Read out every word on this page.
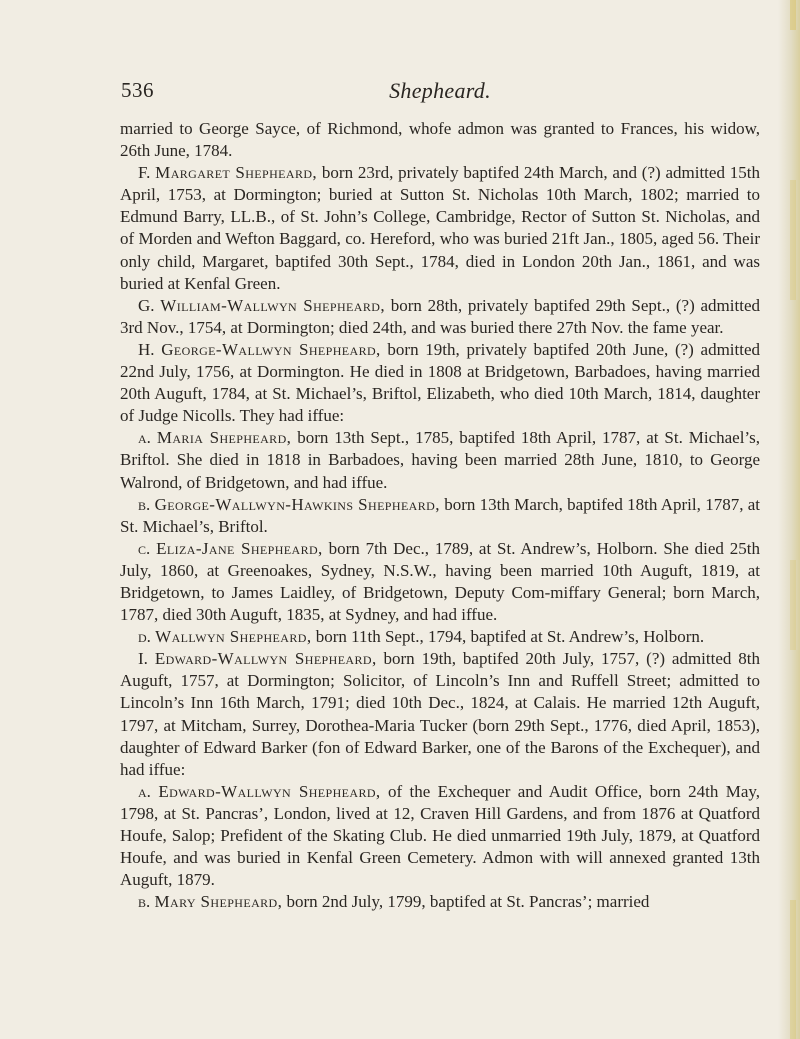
536	Shepheard.

married to George Sayce, of Richmond, whofe admon was granted to Frances, his widow, 26th June, 1784.

F. Margaret Shepheard, born 23rd, privately baptifed 24th March, and (?) admitted 15th April, 1753, at Dormington; buried at Sutton St. Nicholas 10th March, 1802; married to Edmund Barry, LL.B., of St. John’s College, Cambridge, Rector of Sutton St. Nicholas, and of Morden and Wefton Baggard, co. Hereford, who was buried 21ft Jan., 1805, aged 56. Their only child, Margaret, baptifed 30th Sept., 1784, died in London 20th Jan., 1861, and was buried at Kenfal Green.

G. William-Wallwyn Shepheard, born 28th, privately baptifed 29th Sept., (?) admitted 3rd Nov., 1754, at Dormington; died 24th, and was buried there 27th Nov. the fame year.

H. George-Wallwyn Shepheard, born 19th, privately baptifed 20th June, (?) admitted 22nd July, 1756, at Dormington. He died in 1808 at Bridgetown, Barbadoes, having married 20th Auguft, 1784, at St. Michael’s, Briftol, Elizabeth, who died 10th March, 1814, daughter of Judge Nicolls. They had iffue:

a. Maria Shepheard, born 13th Sept., 1785, baptifed 18th April, 1787, at St. Michael’s, Briftol. She died in 1818 in Barbadoes, having been married 28th June, 1810, to George Walrond, of Bridgetown, and had iffue.

b. George-Wallwyn-Hawkins Shepheard, born 13th March, baptifed 18th April, 1787, at St. Michael’s, Briftol.

c. Eliza-Jane Shepheard, born 7th Dec., 1789, at St. Andrew’s, Holborn. She died 25th July, 1860, at Greenoakes, Sydney, N.S.W., having been married 10th Auguft, 1819, at Bridgetown, to James Laidley, of Bridgetown, Deputy Com-miffary General; born March, 1787, died 30th Auguft, 1835, at Sydney, and had iffue.

d. Wallwyn Shepheard, born 11th Sept., 1794, baptifed at St. Andrew’s, Holborn.

I. Edward-Wallwyn Shepheard, born 19th, baptifed 20th July, 1757, (?) admitted 8th Auguft, 1757, at Dormington; Solicitor, of Lincoln’s Inn and Ruffell Street; admitted to Lincoln’s Inn 16th March, 1791; died 10th Dec., 1824, at Calais. He married 12th Auguft, 1797, at Mitcham, Surrey, Dorothea-Maria Tucker (born 29th Sept., 1776, died April, 1853), daughter of Edward Barker (fon of Edward Barker, one of the Barons of the Exchequer), and had iffue:

a. Edward-Wallwyn Shepheard, of the Exchequer and Audit Office, born 24th May, 1798, at St. Pancras’, London, lived at 12, Craven Hill Gardens, and from 1876 at Quatford Houfe, Salop; Prefident of the Skating Club. He died unmarried 19th July, 1879, at Quatford Houfe, and was buried in Kenfal Green Cemetery. Admon with will annexed granted 13th Auguft, 1879.

b. Mary Shepheard, born 2nd July, 1799, baptifed at St. Pancras’; married
